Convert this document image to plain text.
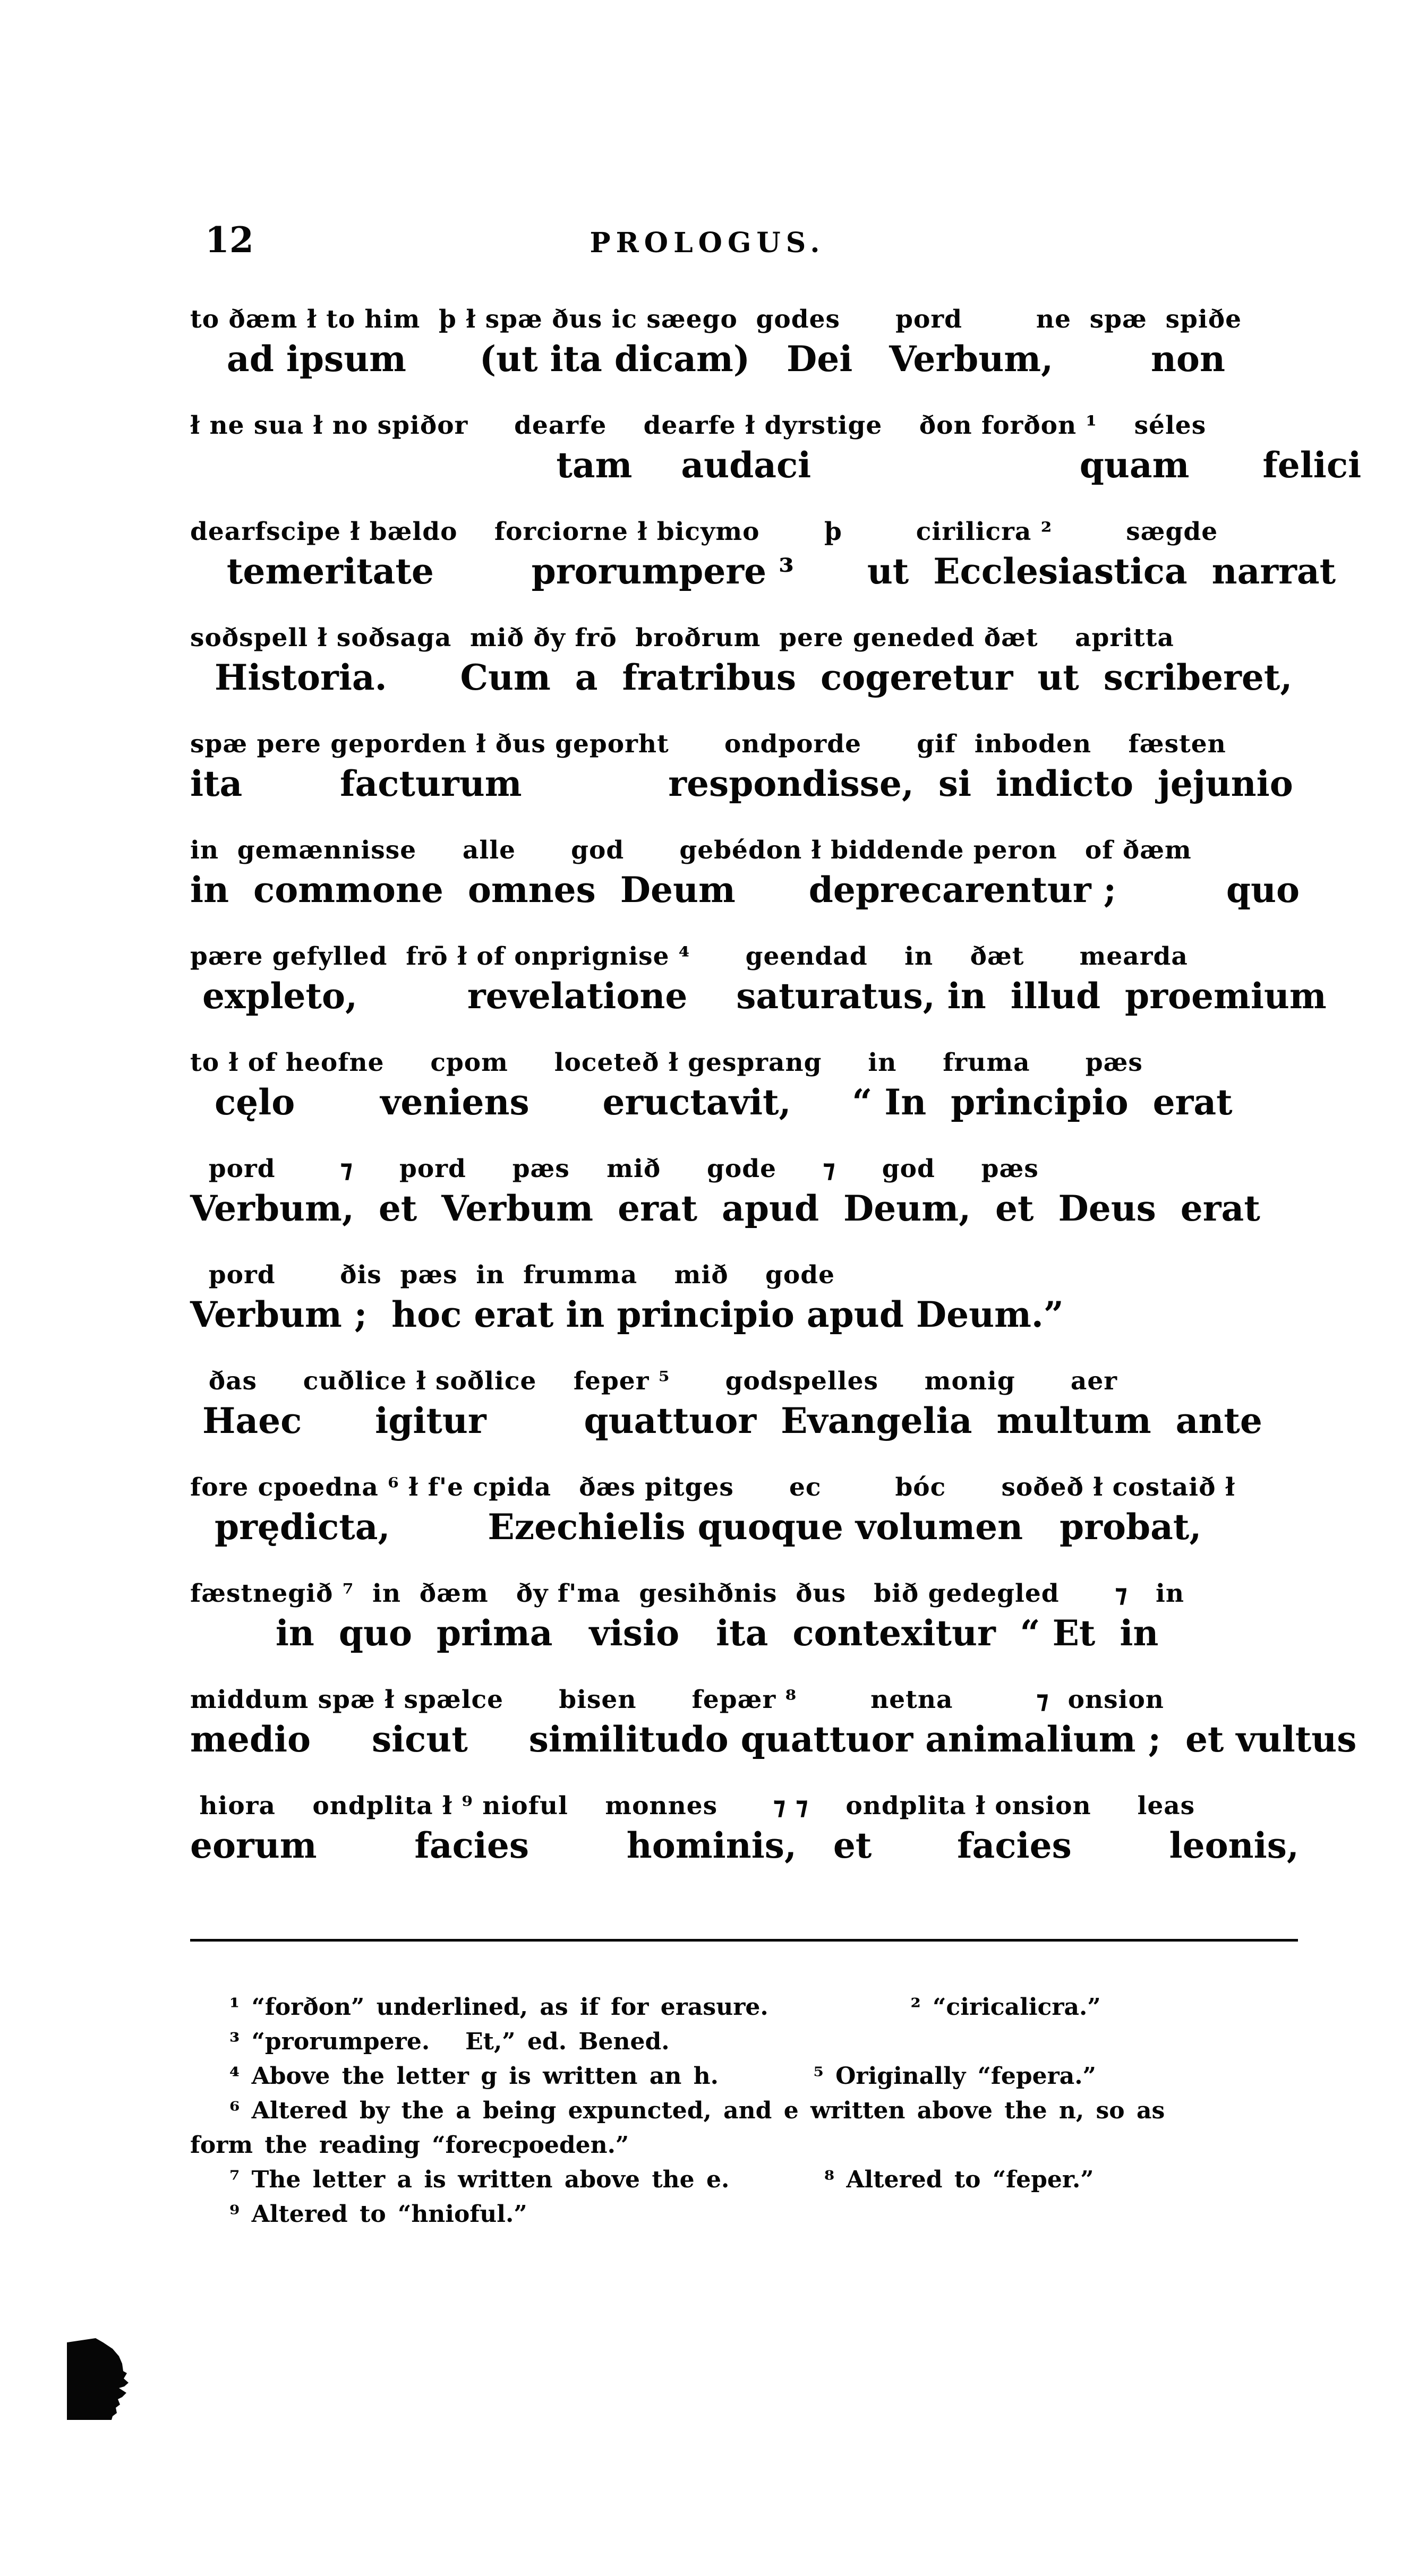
12	PROLOGUS.
to ðæm ł to him  þ ł spæ ðus ic sæego  godes      pord        ne  spæ  spiðe
ad ipsum      (ut ita dicam)   Dei   Verbum,        non
ł ne sua ł no spiðor     dearfe    dearfe ł dyrstige    ðon forðon ¹    séles
tam    audaci                      quam      felici
dearfscipe ł bældo    forciorne ł bicymo       þ        cirilicra ²        sægde
temeritate        prorumpere ³      ut  Ecclesiastica  narrat
soðspell ł soðsaga  mið ðy frō  broðrum  pere geneded ðæt    apritta
Historia.      Cum  a  fratribus  cogeretur  ut  scriberet,
spæ pere geporden ł ðus geporht      ondporde      gif  inboden    fæsten
ita        facturum            respondisse,  si  indicto  jejunio
in  gemænnisse     alle      god      gebédon ł biddende peron   of ðæm
in  commone  omnes  Deum      deprecarentur ;         quo
pære gefylled  frō ł of onprignise ⁴      geendad    in    ðæt      mearda
expleto,         revelatione    saturatus, in  illud  proemium
to ł of heofne     cpom     loceteð ł gesprang     in     fruma      pæs
cęlo       veniens      eructavit,     “ In  principio  erat
pord       ⁊     pord     pæs    mið     gode     ⁊     god     pæs
Verbum,  et  Verbum  erat  apud  Deum,  et  Deus  erat
pord       ðis  pæs  in  frumma    mið    gode
Verbum ;  hoc erat in principio apud Deum.”
ðas     cuðlice ł soðlice    feper ⁵      godspelles     monig      aer
Haec      igitur        quattuor  Evangelia  multum  ante
fore cpoedna ⁶ ł f'e cpida   ðæs pitges      ec        bóc      soðeð ł costaið ł
prędicta,        Ezechielis quoque volumen   probat,
fæstnegið ⁷  in  ðæm   ðy f'ma  gesihðnis  ðus   bið gedegled      ⁊   in
in  quo  prima   visio   ita  contexitur  “ Et  in
middum spæ ł spælce      bisen      fepær ⁸        netna         ⁊  onsion
medio     sicut     similitudo quattuor animalium ;  et vultus
hiora    ondplita ł ⁹ nioful    monnes      ⁊ ⁊    ondplita ł onsion     leas
eorum        facies        hominis,   et       facies        leonis,
¹ “forðon” underlined, as if for erasure.            ² “ciricalicra.”
³ “prorumpere.   Et,” ed. Bened.
⁴ Above the letter g is written an h.        ⁵ Originally “fepera.”
⁶ Altered by the a being expuncted, and e written above the n, so as
form the reading “forecpoeden.”
⁷ The letter a is written above the e.        ⁸ Altered to “feper.”
⁹ Altered to “hnioful.”
